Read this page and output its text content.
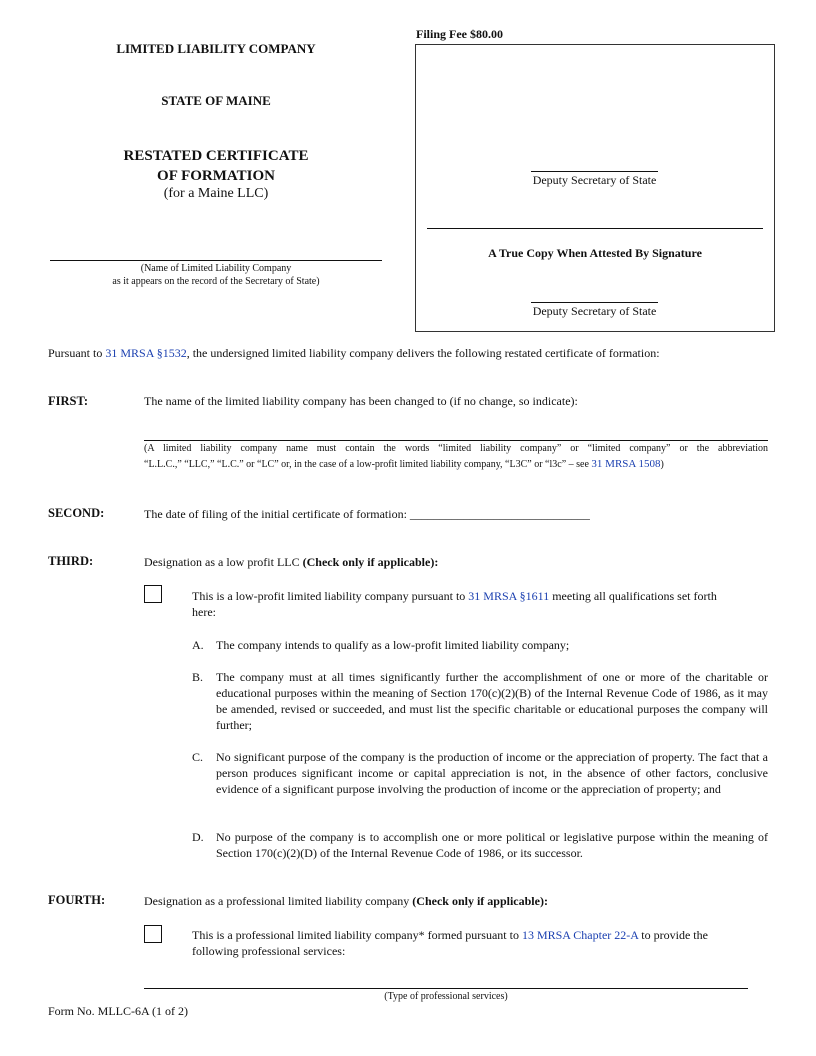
LIMITED LIABILITY COMPANY
STATE OF MAINE
RESTATED CERTIFICATE
OF FORMATION
(for a Maine LLC)
(Name of Limited Liability Company
as it appears on the record of the Secretary of State)
Filing Fee $80.00
Deputy Secretary of State
A True Copy When Attested By Signature
Deputy Secretary of State
Pursuant to 31 MRSA §1532, the undersigned limited liability company delivers the following restated certificate of formation:
FIRST:	The name of the limited liability company has been changed to (if no change, so indicate):
(A limited liability company name must contain the words “limited liability company” or “limited company” or the abbreviation
“L.L.C.,” “LLC,” “L.C.” or “LC” or, in the case of a low-profit limited liability company, “L3C” or “l3c” – see 31 MRSA 1508)
SECOND:	The date of filing of the initial certificate of formation: ______________________________
THIRD:	Designation as a low profit LLC (Check only if applicable):
This is a low-profit limited liability company pursuant to 31 MRSA §1611 meeting all qualifications set forth
here:
A.	The company intends to qualify as a low-profit limited liability company;
B.	The company must at all times significantly further the accomplishment of one or more of the charitable or educational purposes within the meaning of Section 170(c)(2)(B) of the Internal Revenue Code of 1986, as it may be amended, revised or succeeded, and must list the specific charitable or educational purposes the company will further;
C.	No significant purpose of the company is the production of income or the appreciation of property. The fact that a person produces significant income or capital appreciation is not, in the absence of other factors, conclusive evidence of a significant purpose involving the production of income or the appreciation of property; and
D.	No purpose of the company is to accomplish one or more political or legislative purpose within the meaning of Section 170(c)(2)(D) of the Internal Revenue Code of 1986, or its successor.
FOURTH:	Designation as a professional limited liability company (Check only if applicable):
This is a professional limited liability company* formed pursuant to 13 MRSA Chapter 22-A to provide the
following professional services:
(Type of professional services)
Form No. MLLC-6A (1 of 2)
